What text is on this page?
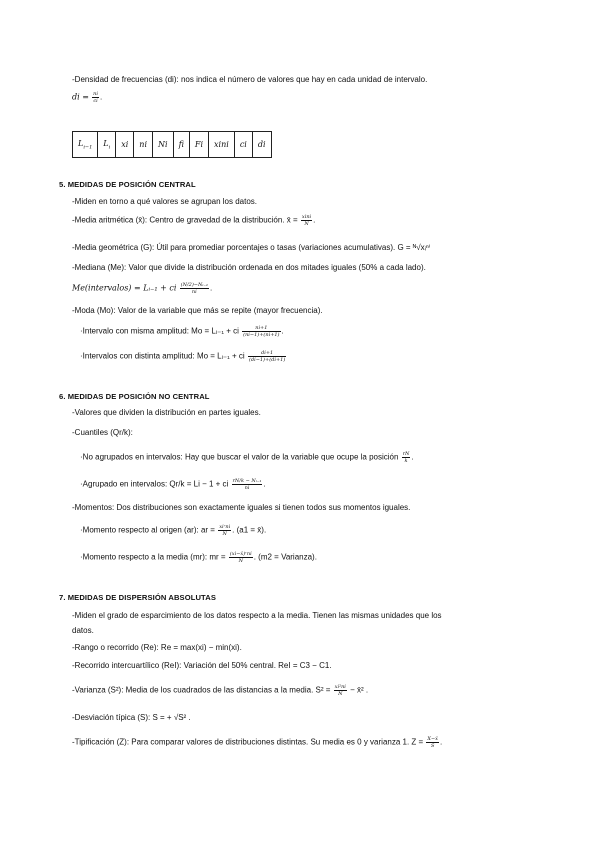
-Densidad de frecuencias (di): nos indica el número de valores que hay en cada unidad de intervalo.
di = $\frac{ni}{ci}$ .
$L_{i-1}$	$L_i$	xi	ni	Ni	fi	Fi	xini	ci	di
5. MEDIDAS DE POSICIÓN CENTRAL
-Miden en torno a qué valores se agrupan los datos.
-Media aritmética (x̄): Centro de gravedad de la distribución. x̄ = $\frac{\text{xini}}{N}$ .
-Media geométrica (G): Útil para promediar porcentajes o tasas (variaciones acumulativas). G = ᴺ√xᵢⁿⁱ
-Mediana (Me): Valor que divide la distribución ordenada en dos mitades iguales (50% a cada lado).
Me(intervalos) = Lᵢ₋₁ + ci $\frac{\text{(N/2)−Nᵢ₋₁}}{ni}$ .
-Moda (Mo): Valor de la variable que más se repite (mayor frecuencia).
·Intervalo con misma amplitud: Mo = Lᵢ₋₁ + ci $\frac{ni+1}{(ni-1)+(ni+1)}$ .
·Intervalos con distinta amplitud: Mo = Lᵢ₋₁ + ci $\frac{di+1}{(di-1)+(di+1)}$
6. MEDIDAS DE POSICIÓN NO CENTRAL
-Valores que dividen la distribución en partes iguales.
-Cuantiles (Qr/k):
·No agrupados en intervalos: Hay que buscar el valor de la variable que ocupe la posición $\frac{rN}{k}$ .
·Agrupado en intervalos: Qr/k = Li − 1 + ci $\frac{\text{rN/k − Nᵢ₋₁}}{ni}$ .
-Momentos: Dos distribuciones son exactamente iguales si tienen todos sus momentos iguales.
·Momento respecto al origen (ar): ar = $\frac{\text{xiʳni}}{N}$ . (a1 = x̄).
·Momento respecto a la media (mr): mr = $\frac{\text{(xi−x̄)ʳni}}{N}$ . (m2 = Varianza).
7. MEDIDAS DE DISPERSIÓN ABSOLUTAS
-Miden el grado de esparcimiento de los datos respecto a la media. Tienen las mismas unidades que los
datos.
-Rango o recorrido (Re): Re = max(xi) − min(xi).
-Recorrido intercuartílico (ReI): Variación del 50% central. ReI = C3 − C1.
-Varianza (S²): Media de los cuadrados de las distancias a la media. $S^2 = \frac{\text{xi²ni}}{N}$ − x̄² .
-Desviación típica (S): S = + √S² .
-Tipificación (Z): Para comparar valores de distribuciones distintas. Su media es 0 y varianza 1. $Z = \frac{X-x̄}{S}$ .
